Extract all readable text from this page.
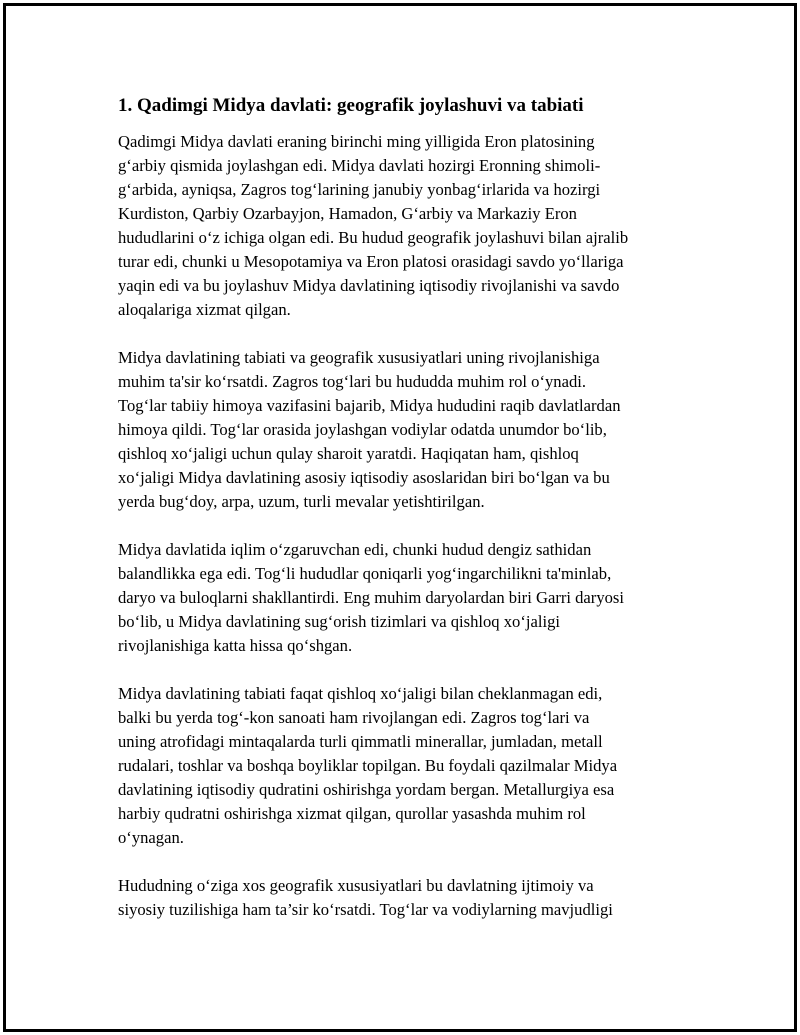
1. Qadimgi Midya davlati: geografik joylashuvi va tabiati

Qadimgi Midya davlati eraning birinchi ming yilligida Eron platosining
g‘arbiy qismida joylashgan edi. Midya davlati hozirgi Eronning shimoli-
g‘arbida, ayniqsa, Zagros tog‘larining janubiy yonbag‘irlarida va hozirgi
Kurdiston, Qarbiy Ozarbayjon, Hamadon, G‘arbiy va Markaziy Eron
hududlarini o‘z ichiga olgan edi. Bu hudud geografik joylashuvi bilan ajralib
turar edi, chunki u Mesopotamiya va Eron platosi orasidagi savdo yo‘llariga
yaqin edi va bu joylashuv Midya davlatining iqtisodiy rivojlanishi va savdo
aloqalariga xizmat qilgan.

Midya davlatining tabiati va geografik xususiyatlari uning rivojlanishiga
muhim ta'sir ko‘rsatdi. Zagros tog‘lari bu hududda muhim rol o‘ynadi.
Tog‘lar tabiiy himoya vazifasini bajarib, Midya hududini raqib davlatlardan
himoya qildi. Tog‘lar orasida joylashgan vodiylar odatda unumdor bo‘lib,
qishloq xo‘jaligi uchun qulay sharoit yaratdi. Haqiqatan ham, qishloq
xo‘jaligi Midya davlatining asosiy iqtisodiy asoslaridan biri bo‘lgan va bu
yerda bug‘doy, arpa, uzum, turli mevalar yetishtirilgan.

Midya davlatida iqlim o‘zgaruvchan edi, chunki hudud dengiz sathidan
balandlikka ega edi. Tog‘li hududlar qoniqarli yog‘ingarchilikni ta'minlab,
daryo va buloqlarni shakllantirdi. Eng muhim daryolardan biri Garri daryosi
bo‘lib, u Midya davlatining sug‘orish tizimlari va qishloq xo‘jaligi
rivojlanishiga katta hissa qo‘shgan.

Midya davlatining tabiati faqat qishloq xo‘jaligi bilan cheklanmagan edi,
balki bu yerda tog‘-kon sanoati ham rivojlangan edi. Zagros tog‘lari va
uning atrofidagi mintaqalarda turli qimmatli minerallar, jumladan, metall
rudalari, toshlar va boshqa boyliklar topilgan. Bu foydali qazilmalar Midya
davlatining iqtisodiy qudratini oshirishga yordam bergan. Metallurgiya esa
harbiy qudratni oshirishga xizmat qilgan, qurollar yasashda muhim rol
o‘ynagan.

Hududning o‘ziga xos geografik xususiyatlari bu davlatning ijtimoiy va
siyosiy tuzilishiga ham ta’sir ko‘rsatdi. Tog‘lar va vodiylarning mavjudligi
